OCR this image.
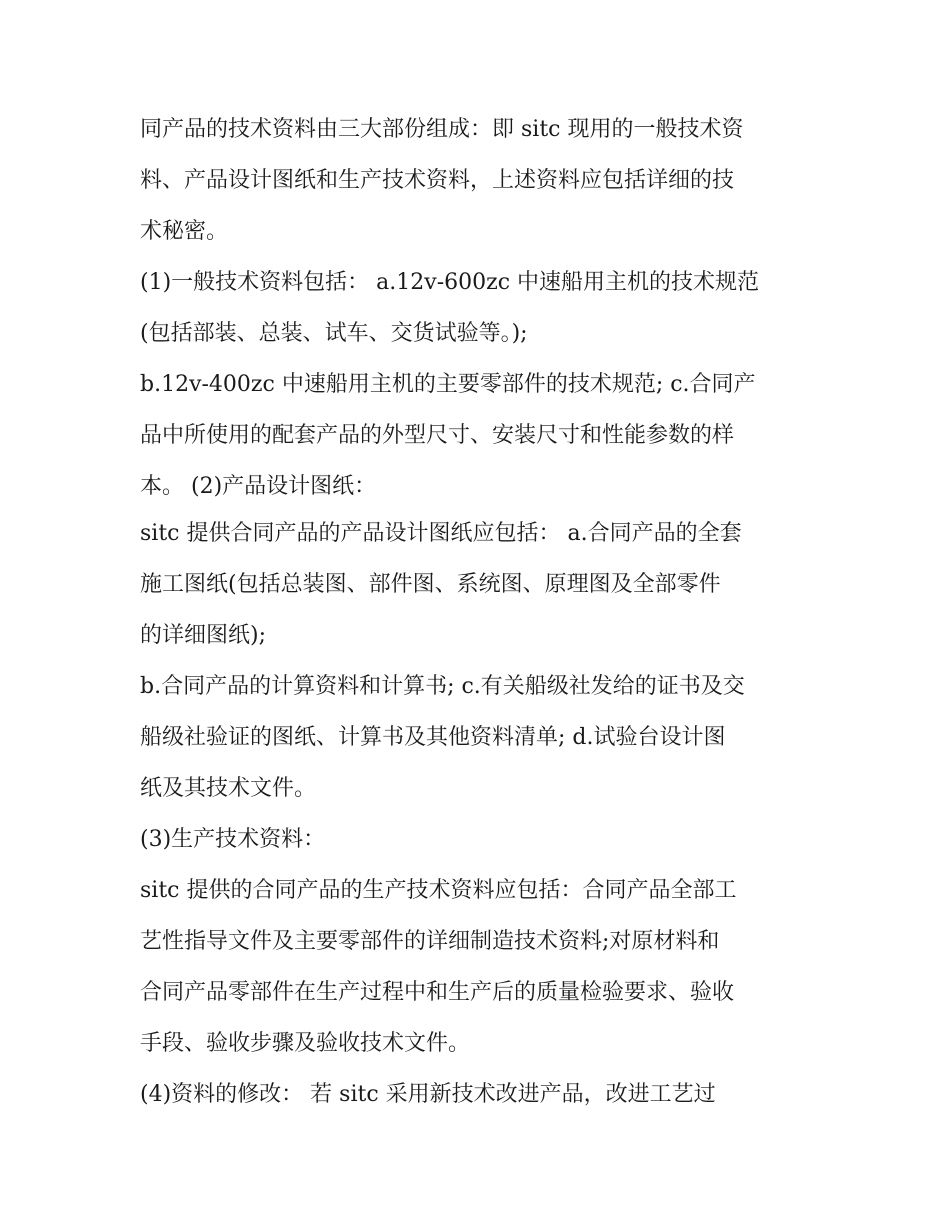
同产品的技术资料由三大部份组成：即 sitc 现用的一般技术资
料、产品设计图纸和生产技术资料，上述资料应包括详细的技
术秘密。
(1)一般技术资料包括： a.12v-600zc 中速船用主机的技术规范
(包括部装、总装、试车、交货试验等。);
b.12v-400zc 中速船用主机的主要零部件的技术规范; c.合同产
品中所使用的配套产品的外型尺寸、安装尺寸和性能参数的样
本。 (2)产品设计图纸：
sitc 提供合同产品的产品设计图纸应包括： a.合同产品的全套
施工图纸(包括总装图、部件图、系统图、原理图及全部零件
的详细图纸);
b.合同产品的计算资料和计算书; c.有关船级社发给的证书及交
船级社验证的图纸、计算书及其他资料清单; d.试验台设计图
纸及其技术文件。
(3)生产技术资料：
sitc 提供的合同产品的生产技术资料应包括：合同产品全部工
艺性指导文件及主要零部件的详细制造技术资料;对原材料和
合同产品零部件在生产过程中和生产后的质量检验要求、验收
手段、验收步骤及验收技术文件。
(4)资料的修改： 若 sitc 采用新技术改进产品，改进工艺过
